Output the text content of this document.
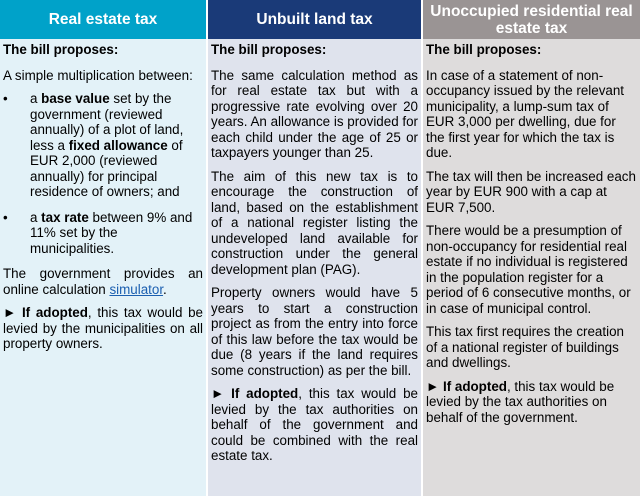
Real estate tax	Unbuilt land tax	Unoccupied residential real estate tax

The bill proposes:

A simple multiplication between:

• a base value set by the government (reviewed annually) of a plot of land, less a fixed allowance of EUR 2,000 (reviewed annually) for principal residence of owners; and
• a tax rate between 9% and 11% set by the municipalities.

The government provides an online calculation simulator.

► If adopted, this tax would be levied by the municipalities on all property owners.

The bill proposes:

The same calculation method as for real estate tax but with a progressive rate evolving over 20 years. An allowance is provided for each child under the age of 25 or taxpayers younger than 25.

The aim of this new tax is to encourage the construction of land, based on the establishment of a national register listing the undeveloped land available for construction under the general development plan (PAG).

Property owners would have 5 years to start a construction project as from the entry into force of this law before the tax would be due (8 years if the land requires some construction) as per the bill.

► If adopted, this tax would be levied by the tax authorities on behalf of the government and could be combined with the real estate tax.

The bill proposes:

In case of a statement of non-occupancy issued by the relevant municipality, a lump-sum tax of EUR 3,000 per dwelling, due for the first year for which the tax is due.

The tax will then be increased each year by EUR 900 with a cap at EUR 7,500.

There would be a presumption of non-occupancy for residential real estate if no individual is registered in the population register for a period of 6 consecutive months, or in case of municipal control.

This tax first requires the creation of a national register of buildings and dwellings.

► If adopted, this tax would be levied by the tax authorities on behalf of the government.
